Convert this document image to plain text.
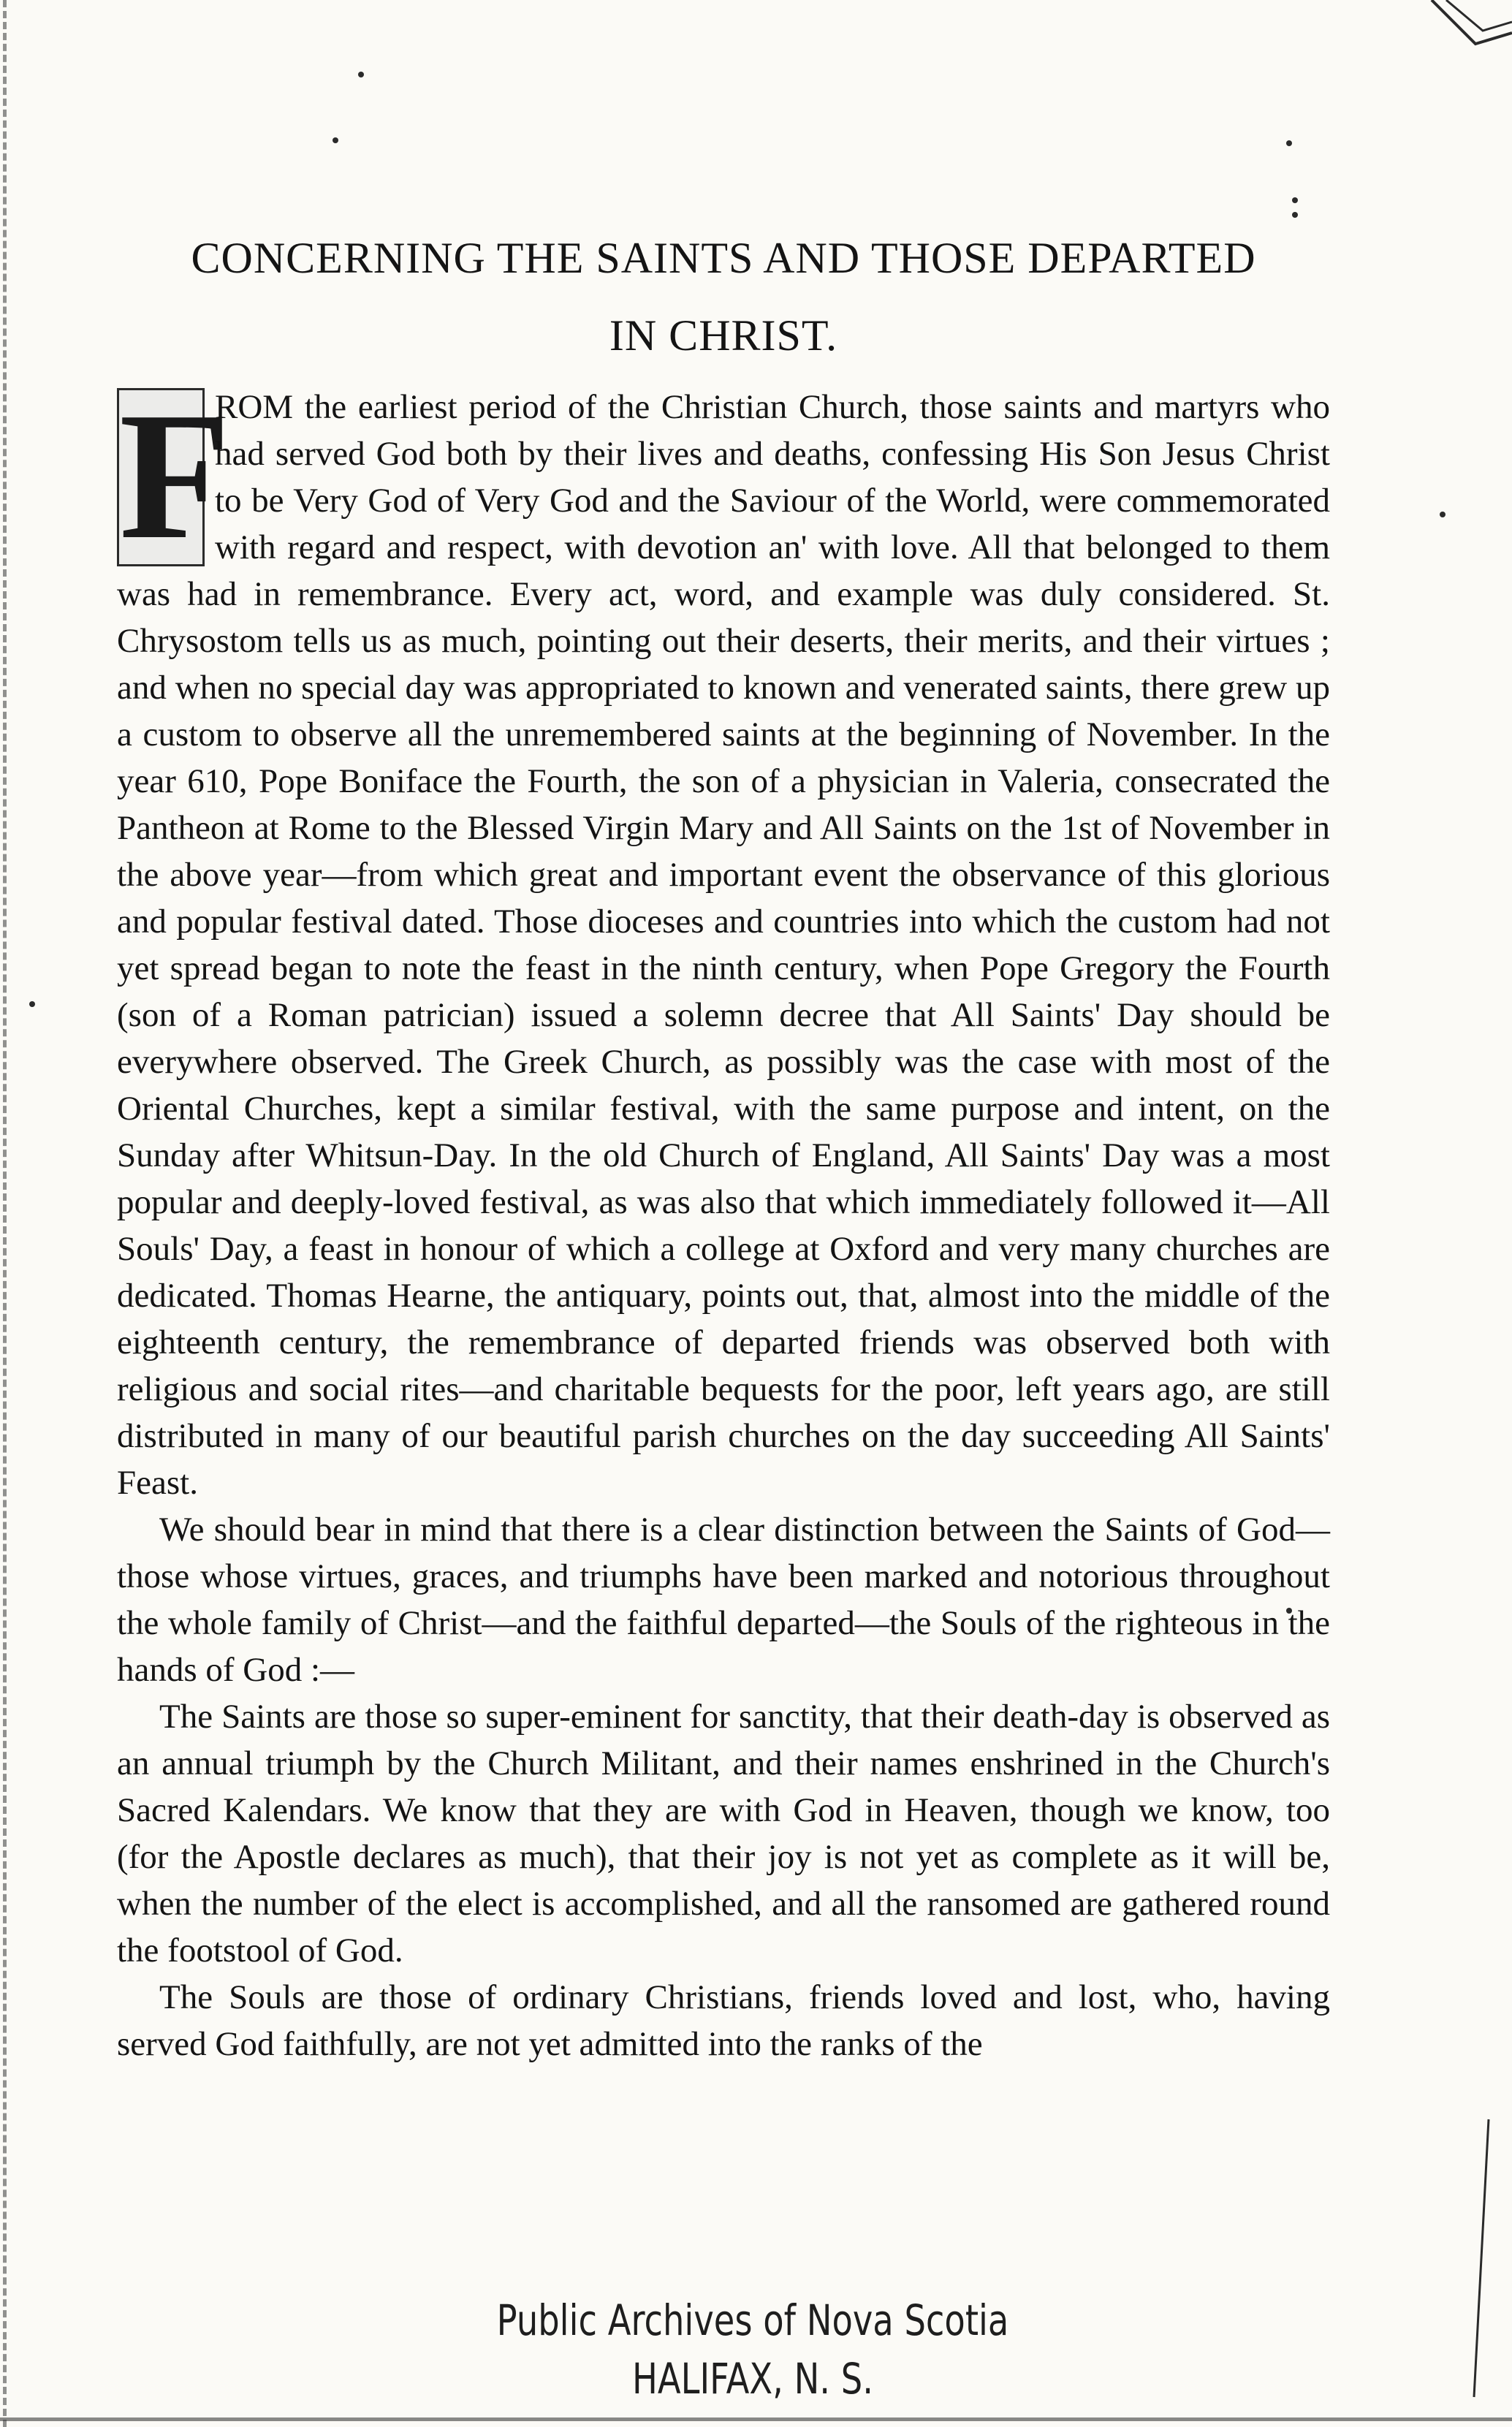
CONCERNING THE SAINTS AND THOSE DEPARTED
IN CHRIST.

F
ROM the earliest period of the Christian Church, those saints and martyrs who had served God both by their lives and deaths, confessing His Son Jesus Christ to be Very God of Very God and the Saviour of the World, were commemorated with regard and respect, with devotion an' with love. All that belonged to them was had in remembrance. Every act, word, and example was duly considered. St. Chrysostom tells us as much, pointing out their deserts, their merits, and their virtues ; and when no special day was appropriated to known and venerated saints, there grew up a custom to observe all the unremembered saints at the beginning of November. In the year 610, Pope Boniface the Fourth, the son of a physician in Valeria, consecrated the Pantheon at Rome to the Blessed Virgin Mary and All Saints on the 1st of November in the above year—from which great and important event the observance of this glorious and popular festival dated. Those dioceses and countries into which the custom had not yet spread began to note the feast in the ninth century, when Pope Gregory the Fourth (son of a Roman patrician) issued a solemn decree that All Saints' Day should be everywhere observed. The Greek Church, as possibly was the case with most of the Oriental Churches, kept a similar festival, with the same purpose and intent, on the Sunday after Whitsun-Day. In the old Church of England, All Saints' Day was a most popular and deeply-loved festival, as was also that which immediately followed it—All Souls' Day, a feast in honour of which a college at Oxford and very many churches are dedicated. Thomas Hearne, the antiquary, points out, that, almost into the middle of the eighteenth century, the remembrance of departed friends was observed both with religious and social rites—and charitable bequests for the poor, left years ago, are still distributed in many of our beautiful parish churches on the day succeeding All Saints' Feast.

We should bear in mind that there is a clear distinction between the Saints of God—those whose virtues, graces, and triumphs have been marked and notorious throughout the whole family of Christ—and the faithful departed—the Souls of the righteous in the hands of God :—

The Saints are those so super-eminent for sanctity, that their death-day is observed as an annual triumph by the Church Militant, and their names enshrined in the Church's Sacred Kalendars. We know that they are with God in Heaven, though we know, too (for the Apostle declares as much), that their joy is not yet as complete as it will be, when the number of the elect is accomplished, and all the ransomed are gathered round the footstool of God.

The Souls are those of ordinary Christians, friends loved and lost, who, having served God faithfully, are not yet admitted into the ranks of the

Public Archives of Nova Scotia
HALIFAX, N. S.
